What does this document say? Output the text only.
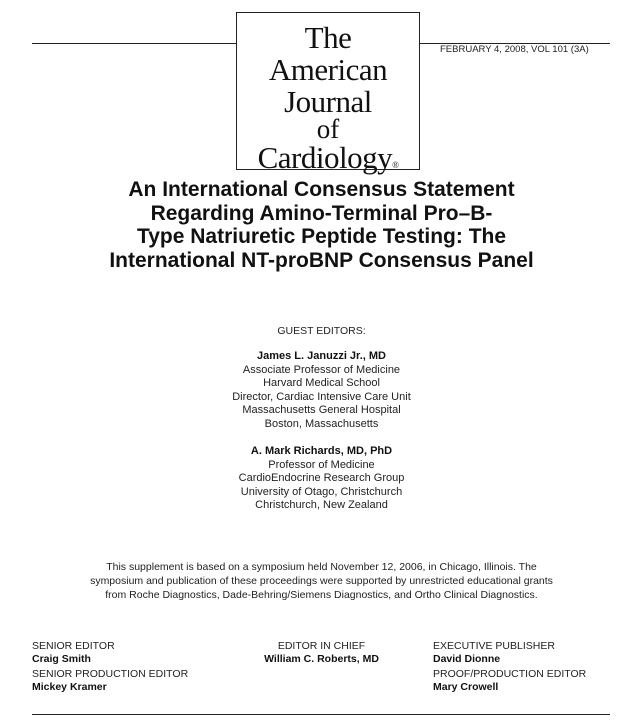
The
American
Journal
of
Cardiology®
FEBRUARY 4, 2008, VOL 101 (3A)
An International Consensus Statement
Regarding Amino-Terminal Pro–B-
Type Natriuretic Peptide Testing: The
International NT-proBNP Consensus Panel
GUEST EDITORS:
James L. Januzzi Jr., MD
Associate Professor of Medicine
Harvard Medical School
Director, Cardiac Intensive Care Unit
Massachusetts General Hospital
Boston, Massachusetts
A. Mark Richards, MD, PhD
Professor of Medicine
CardioEndocrine Research Group
University of Otago, Christchurch
Christchurch, New Zealand
This supplement is based on a symposium held November 12, 2006, in Chicago, Illinois. The
symposium and publication of these proceedings were supported by unrestricted educational grants
from Roche Diagnostics, Dade-Behring/Siemens Diagnostics, and Ortho Clinical Diagnostics.
SENIOR EDITOR
Craig Smith
SENIOR PRODUCTION EDITOR
Mickey Kramer
EDITOR IN CHIEF
William C. Roberts, MD
EXECUTIVE PUBLISHER
David Dionne
PROOF/PRODUCTION EDITOR
Mary Crowell
